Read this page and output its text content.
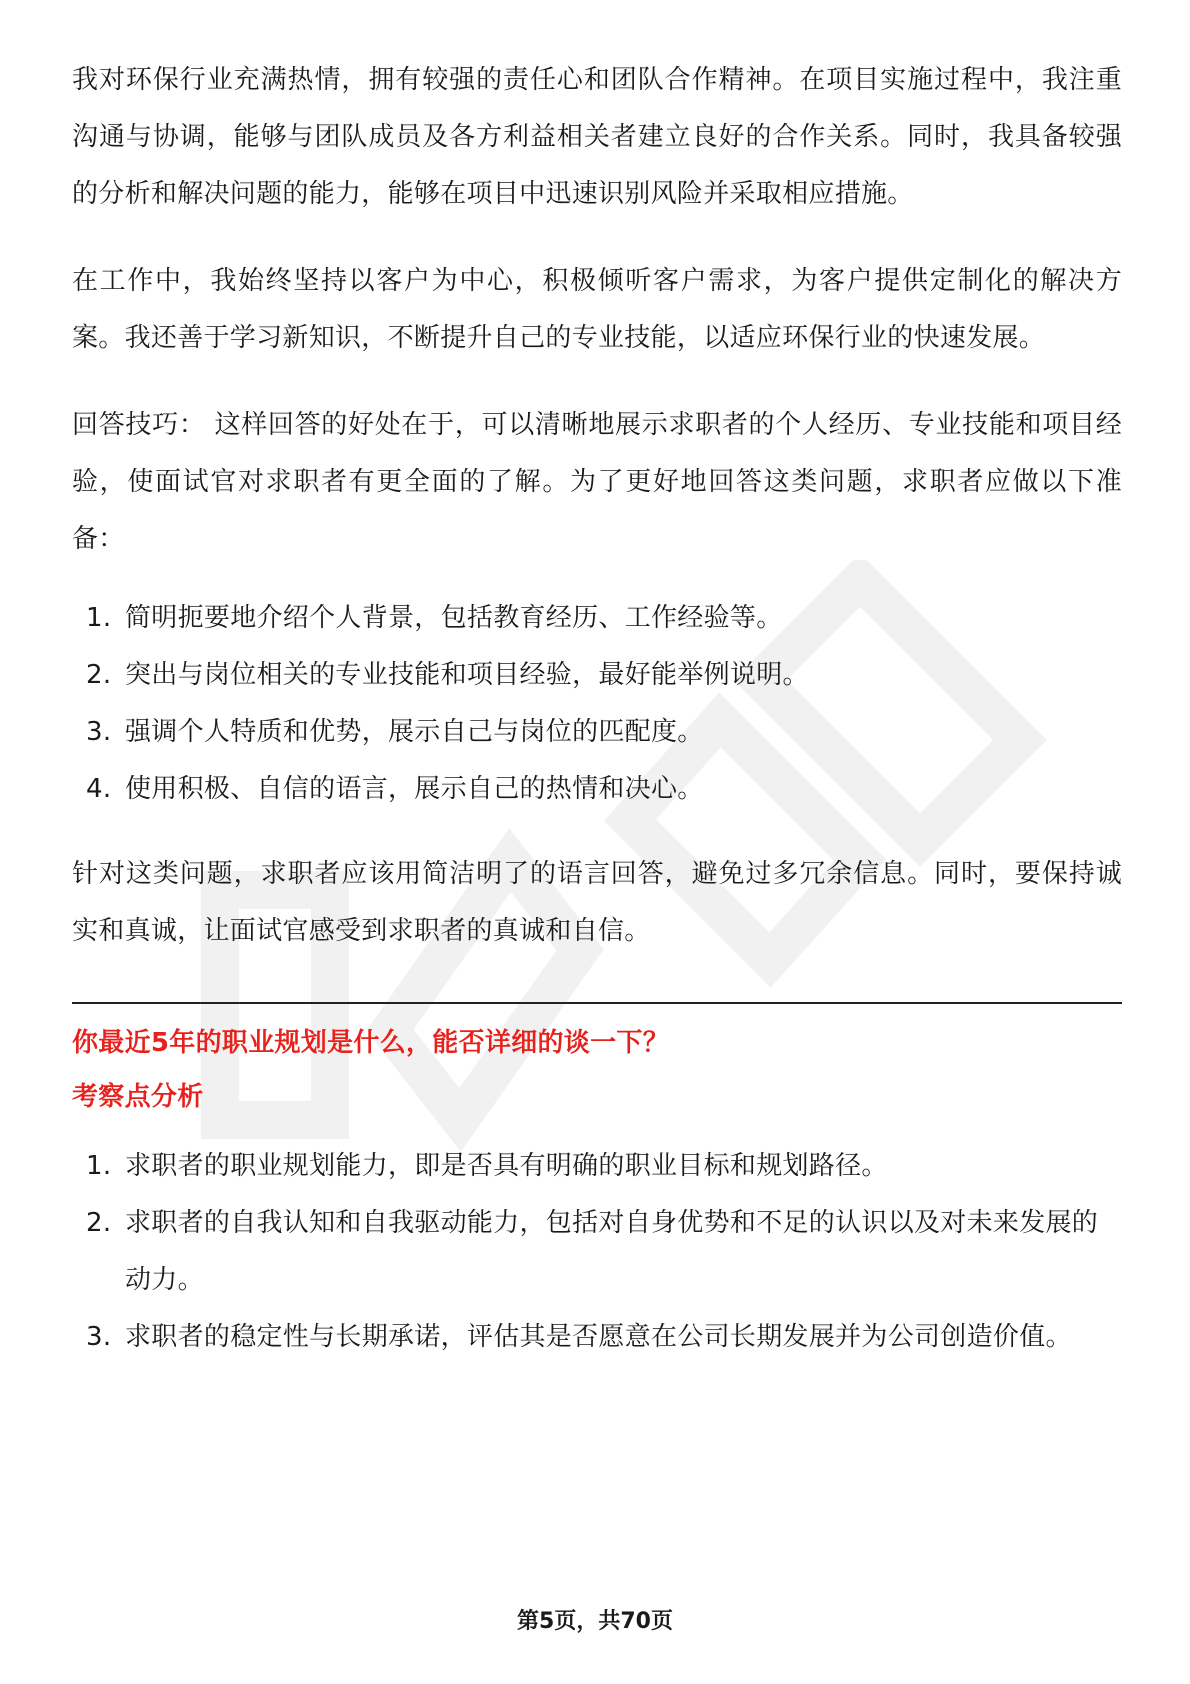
我对环保行业充满热情，拥有较强的责任心和团队合作精神。在项目实施过程中，我注重沟通与协调，能够与团队成员及各方利益相关者建立良好的合作关系。同时，我具备较强的分析和解决问题的能力，能够在项目中迅速识别风险并采取相应措施。

在工作中，我始终坚持以客户为中心，积极倾听客户需求，为客户提供定制化的解决方案。我还善于学习新知识，不断提升自己的专业技能，以适应环保行业的快速发展。

回答技巧： 这样回答的好处在于，可以清晰地展示求职者的个人经历、专业技能和项目经验，使面试官对求职者有更全面的了解。为了更好地回答这类问题，求职者应做以下准备：

1. 简明扼要地介绍个人背景，包括教育经历、工作经验等。
2. 突出与岗位相关的专业技能和项目经验，最好能举例说明。
3. 强调个人特质和优势，展示自己与岗位的匹配度。
4. 使用积极、自信的语言，展示自己的热情和决心。

针对这类问题，求职者应该用简洁明了的语言回答，避免过多冗余信息。同时，要保持诚实和真诚，让面试官感受到求职者的真诚和自信。

你最近5年的职业规划是什么，能否详细的谈一下？

考察点分析

1. 求职者的职业规划能力，即是否具有明确的职业目标和规划路径。
2. 求职者的自我认知和自我驱动能力，包括对自身优势和不足的认识以及对未来发展的动力。
3. 求职者的稳定性与长期承诺，评估其是否愿意在公司长期发展并为公司创造价值。
第5页，共70页
